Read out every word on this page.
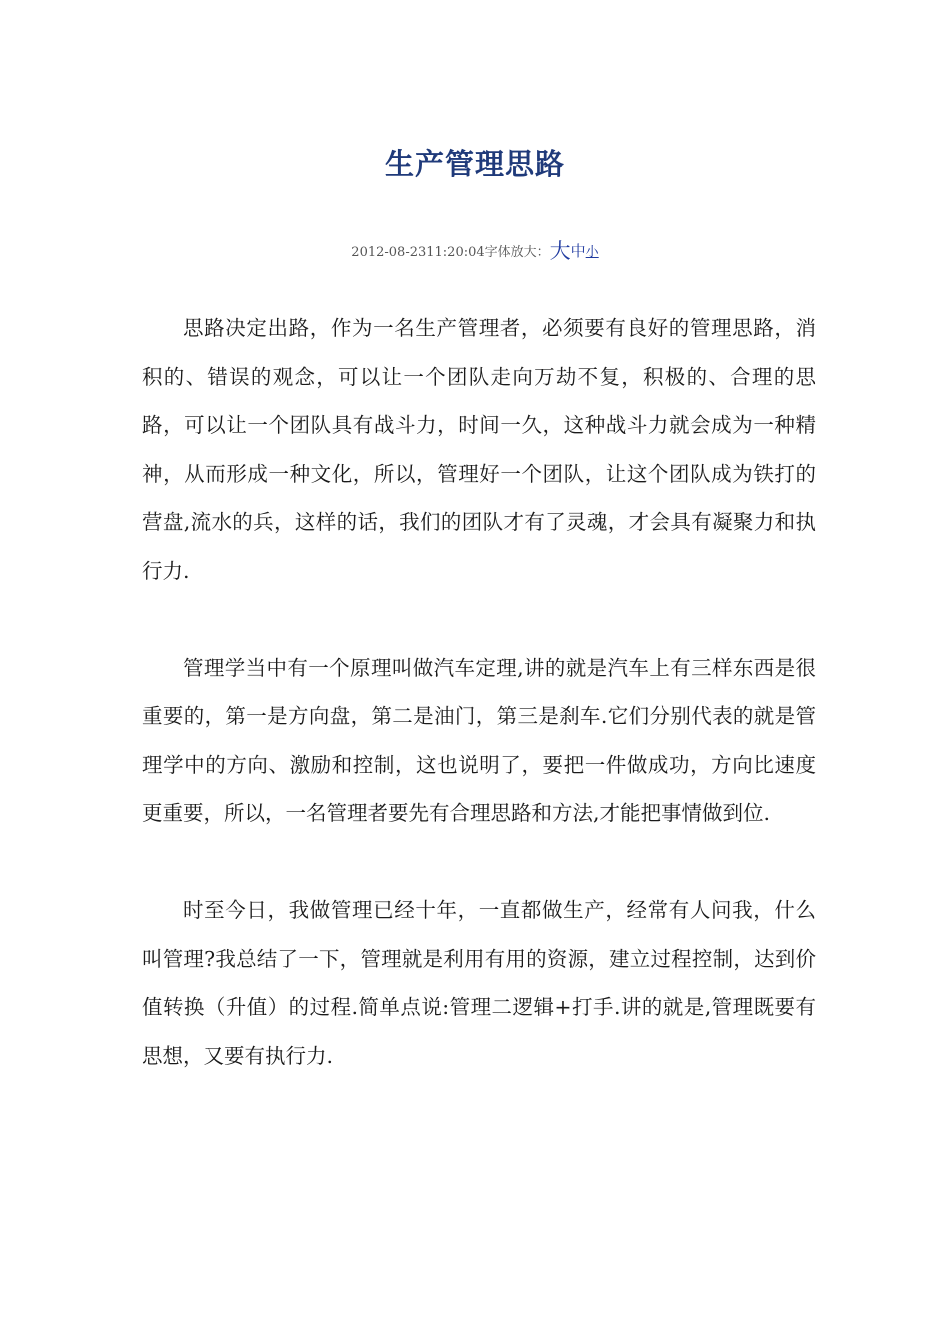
生产管理思路
2012-08-2311:20:04字体放大：大中小

思路决定出路，作为一名生产管理者，必须要有良好的管理思路，消积的、错误的观念，可以让一个团队走向万劫不复，积极的、合理的思路，可以让一个团队具有战斗力，时间一久，这种战斗力就会成为一种精神，从而形成一种文化，所以，管理好一个团队，让这个团队成为铁打的营盘,流水的兵，这样的话，我们的团队才有了灵魂，才会具有凝聚力和执行力.

管理学当中有一个原理叫做汽车定理,讲的就是汽车上有三样东西是很重要的，第一是方向盘，第二是油门，第三是刹车.它们分别代表的就是管理学中的方向、激励和控制，这也说明了，要把一件做成功，方向比速度更重要，所以，一名管理者要先有合理思路和方法,才能把事情做到位.

时至今日，我做管理已经十年，一直都做生产，经常有人问我，什么叫管理?我总结了一下，管理就是利用有用的资源，建立过程控制，达到价值转换（升值）的过程.简单点说:管理二逻辑+打手.讲的就是,管理既要有思想，又要有执行力.
